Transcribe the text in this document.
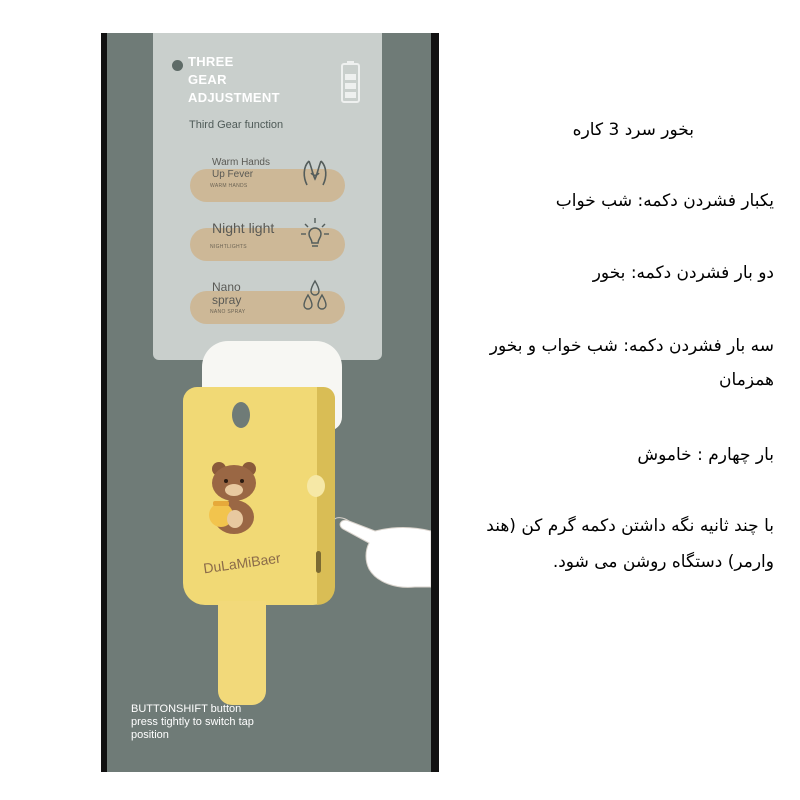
THREE
GEAR
ADJUSTMENT
Third Gear function
Warm Hands
Up Fever
WARM HANDS
Night light
NIGHTLIGHTS
Nano
spray
NANO SPRAY
DuLaMiBaer
BUTTONSHIFT button
press tightly to switch tap
position
بخور سرد 3 کاره
یکبار فشردن دکمه: شب خواب
دو بار فشردن دکمه: بخور
سه بار فشردن دکمه: شب خواب و بخور همزمان
بار چهارم : خاموش
با چند ثانیه نگه داشتن دکمه گرم کن (هند وارمر) دستگاه روشن می شود.
